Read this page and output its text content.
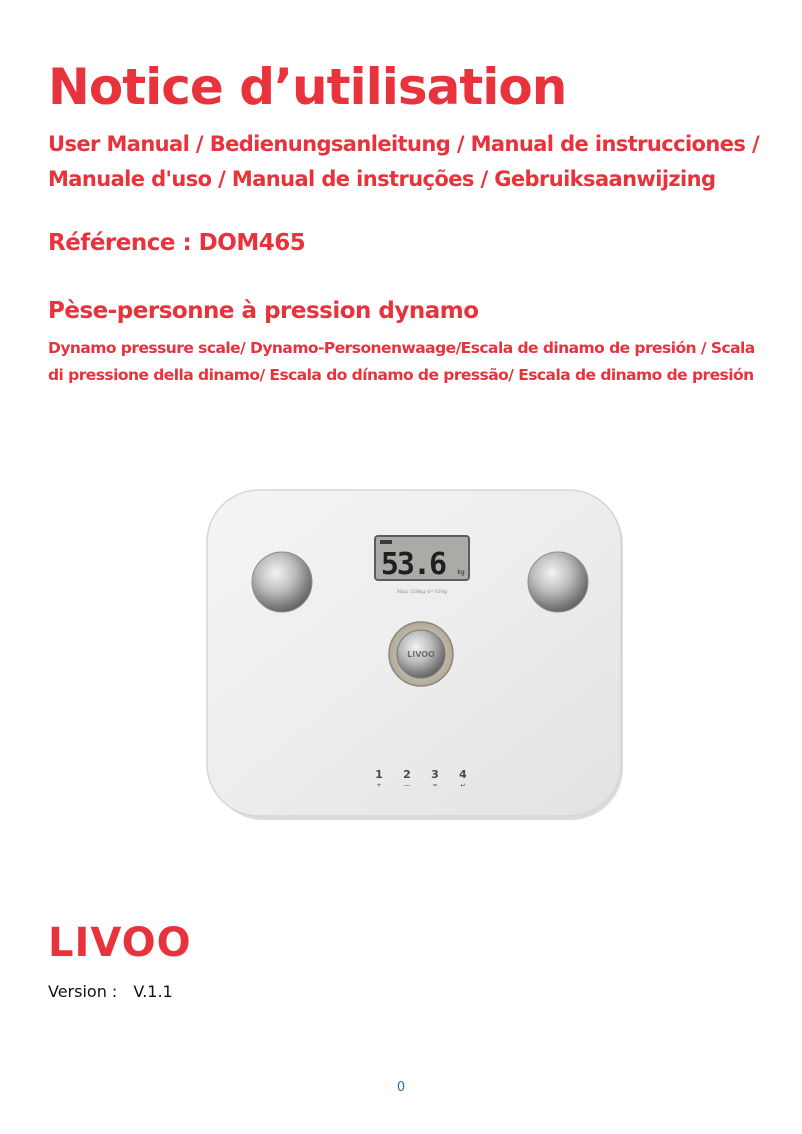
Notice d’utilisation
User Manual / Bedienungsanleitung / Manual de instrucciones / Manuale d'uso / Manual de instruções / Gebruiksaanwijzing
Référence : DOM465
Pèse-personne à pression dynamo
Dynamo pressure scale/ Dynamo-Personenwaage/Escala de dinamo de presión / Scala di pressione della dinamo/ Escala do dínamo de pressão/ Escala de dinamo de presión
53.6 kg
Max 150kg d=100g
LIVOO
1
+
2
—
3
=
4
↩
LIVOO
Version : V.1.1
0
